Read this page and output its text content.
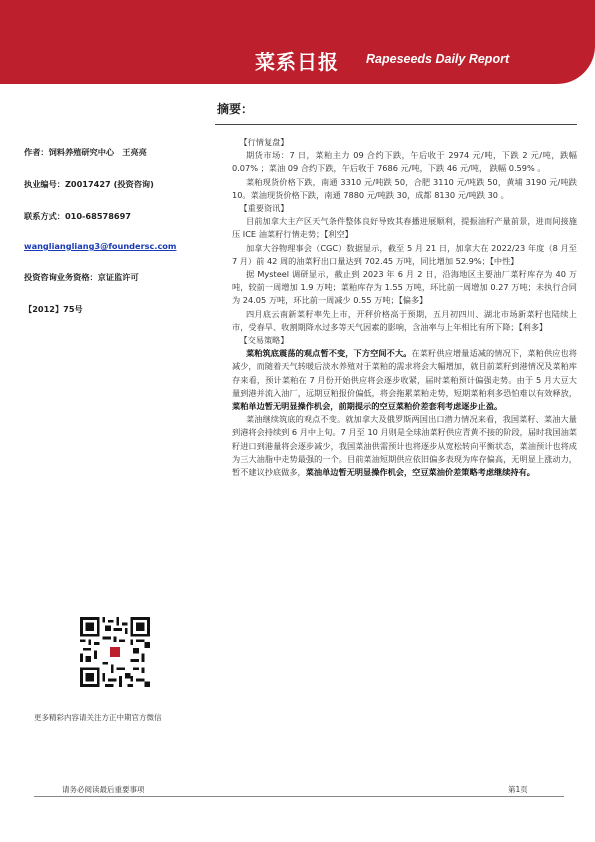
菜系日报 Rapeseeds Daily Report
摘要：
作者：饲料养殖研究中心　王亮亮
执业编号：Z0017427 (投资咨询)
联系方式：010-68578697
wangliangliang3@foundersc.com
投资咨询业务资格：京证监许可
【2012】75号

【行情复盘】

期货市场：7 日，菜粕主力 09 合约下跌，午后收于 2974 元/吨，下跌 2 元/吨，跌幅 0.07% ；菜油 09 合约下跌，午后收于 7686 元/吨，下跌 46 元/吨， 跌幅 0.59% 。

菜粕现货价格下跌，南通 3310 元/吨跌 50，合肥 3110 元/吨跌 50，黄埔 3190 元/吨跌 10。菜油现货价格下跌，南通 7880 元/吨跌 30，成都 8130 元/吨跌 30 。

【重要资讯】

目前加拿大主产区天气条件整体良好导致其春播进展顺利，提振油籽产量前景，进而间接施压 ICE 油菜籽行情走势；【利空】

加拿大谷物理事会（CGC）数据显示，截至 5 月 21 日，加拿大在 2022/23 年度（8 月至 7 月）前 42 周的油菜籽出口量达到 702.45 万吨，同比增加 52.9%；【中性】

据 Mysteel 调研显示，截止到 2023 年 6 月 2 日，沿海地区主要油厂菜籽库存为 40 万吨，较前一周增加 1.9 万吨；菜粕库存为 1.55 万吨，环比前一周增加 0.27 万吨；未执行合同为 24.05 万吨，环比前一周减少 0.55 万吨；【偏多】

四月底云南新菜籽率先上市，开秤价格高于预期，五月初四川、湖北市场新菜籽也陆续上市，受春旱、收割期降水过多等天气因素的影响，含油率与上年相比有所下降；【利多】

【交易策略】

菜粕筑底震荡的观点暂不变，下方空间不大。在菜籽供应增量适减的情况下，菜粕供应也将减少，而随着天气转暖后淡水养殖对于菜粕的需求将会大幅增加，就目前菜籽到港情况及菜粕库存来看，预计菜粕在 7 月份开始供应将会逐步收紧，届时菜粕预计偏强走势。由于 5 月大豆大量到港并流入油厂，远期豆粕报价偏低，将会拖累菜粕走势，短期菜粕利多恐怕难以有效释放，菜粕单边暂无明显操作机会，前期提示的空豆菜粕价差套利考虑逐步止盈。

菜油继续筑底的观点不变。就加拿大及俄罗斯两国出口潜力情况来看，我国菜籽、菜油大量到港将会持续到 6 月中上旬。7 月至 10 月则是全球油菜籽供应青黄不接的阶段，届时我国油菜籽进口到港量将会逐步减少，我国菜油供需预计也将逐步从宽松转向平衡状态，菜油预计也将成为三大油脂中走势最强的一个。目前菜油短期供应依旧偏多表现为库存偏高，无明显上涨动力，暂不建议抄底做多，菜油单边暂无明显操作机会，空豆菜油价差策略考虑继续持有。

更多精彩内容请关注方正中期官方微信
请务必阅读最后重要事项	第1页
